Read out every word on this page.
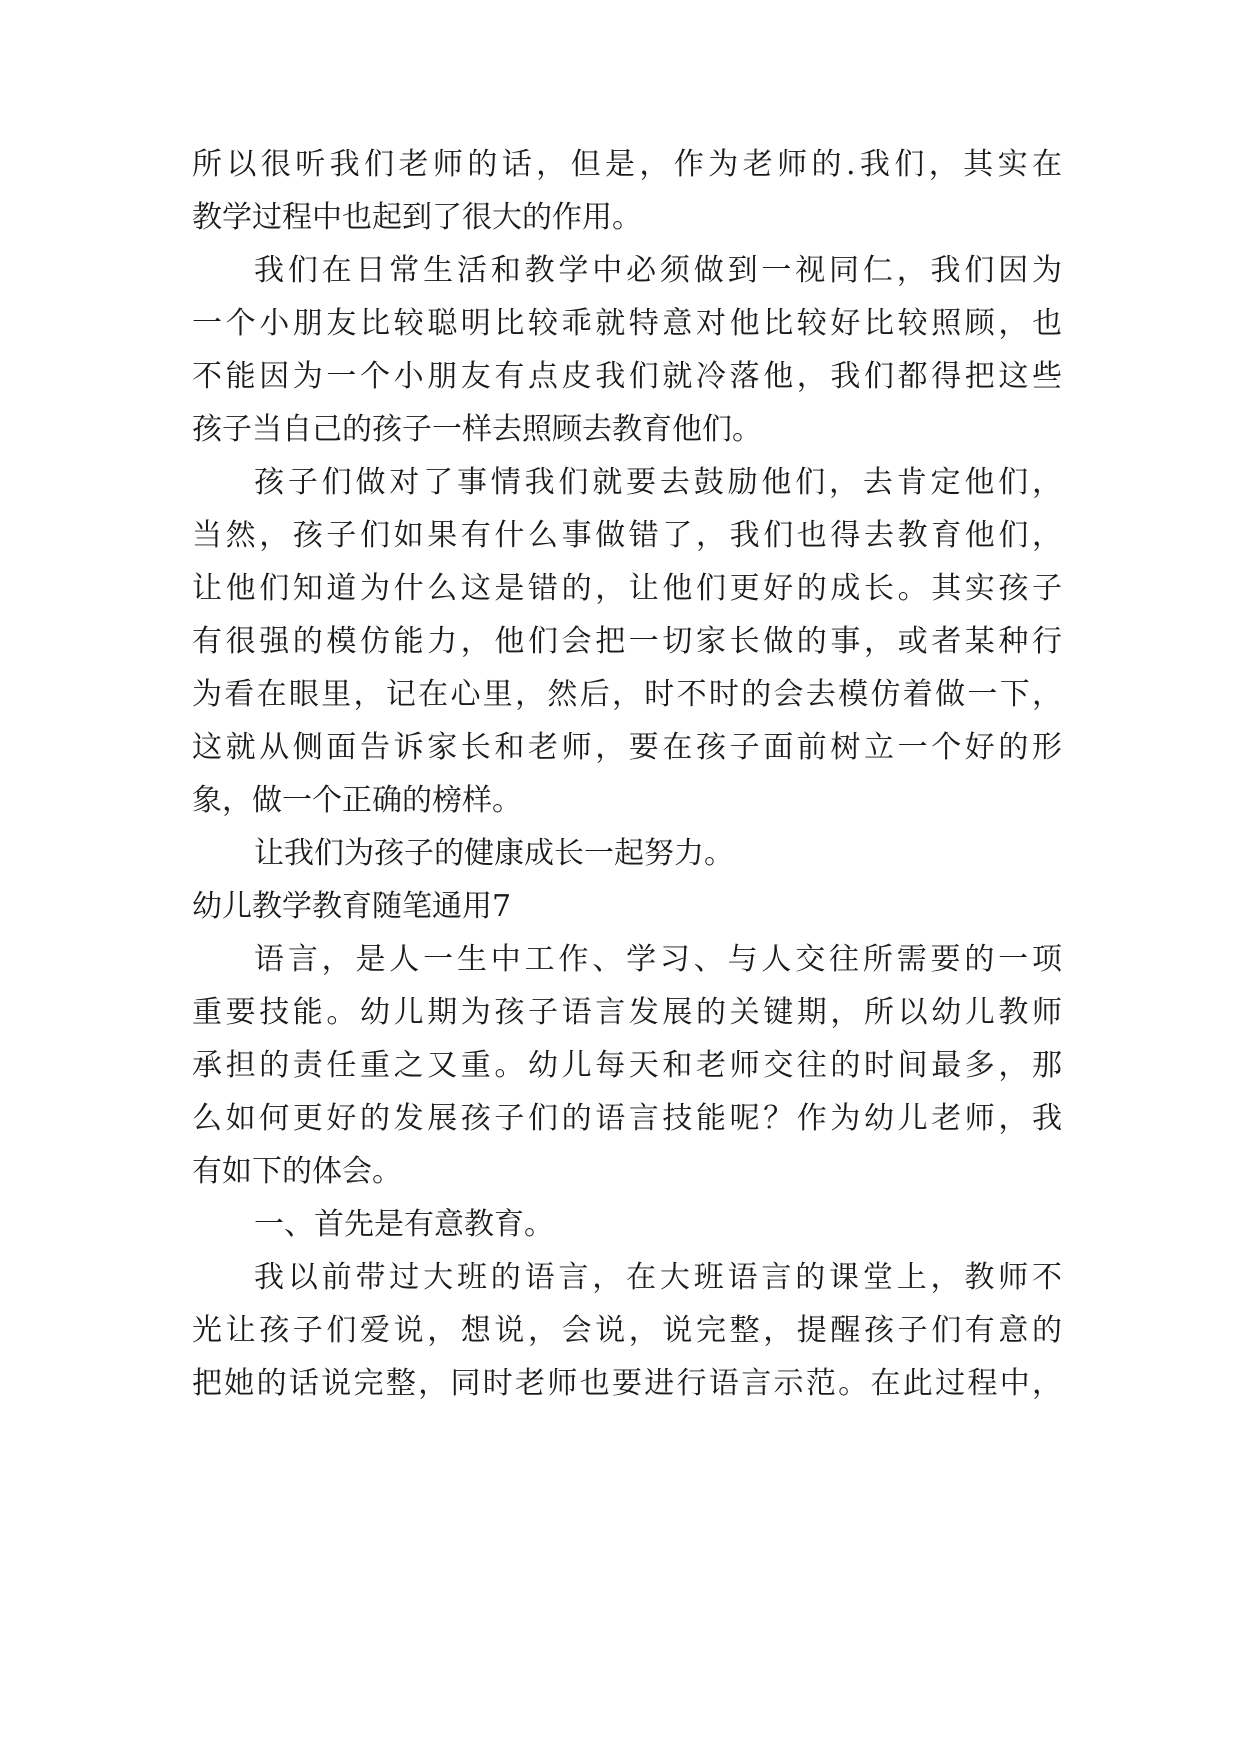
所以很听我们老师的话，但是，作为老师的.我们，其实在
教学过程中也起到了很大的作用。
我们在日常生活和教学中必须做到一视同仁，我们因为
一个小朋友比较聪明比较乖就特意对他比较好比较照顾，也
不能因为一个小朋友有点皮我们就冷落他，我们都得把这些
孩子当自己的孩子一样去照顾去教育他们。
孩子们做对了事情我们就要去鼓励他们，去肯定他们，
当然，孩子们如果有什么事做错了，我们也得去教育他们，
让他们知道为什么这是错的，让他们更好的成长。其实孩子
有很强的模仿能力，他们会把一切家长做的事，或者某种行
为看在眼里，记在心里，然后，时不时的会去模仿着做一下，
这就从侧面告诉家长和老师，要在孩子面前树立一个好的形
象，做一个正确的榜样。
让我们为孩子的健康成长一起努力。
幼儿教学教育随笔通用7
语言，是人一生中工作、学习、与人交往所需要的一项
重要技能。幼儿期为孩子语言发展的关键期，所以幼儿教师
承担的责任重之又重。幼儿每天和老师交往的时间最多，那
么如何更好的发展孩子们的语言技能呢？作为幼儿老师，我
有如下的体会。
一、首先是有意教育。
我以前带过大班的语言，在大班语言的课堂上，教师不
光让孩子们爱说，想说，会说，说完整，提醒孩子们有意的
把她的话说完整，同时老师也要进行语言示范。在此过程中，
